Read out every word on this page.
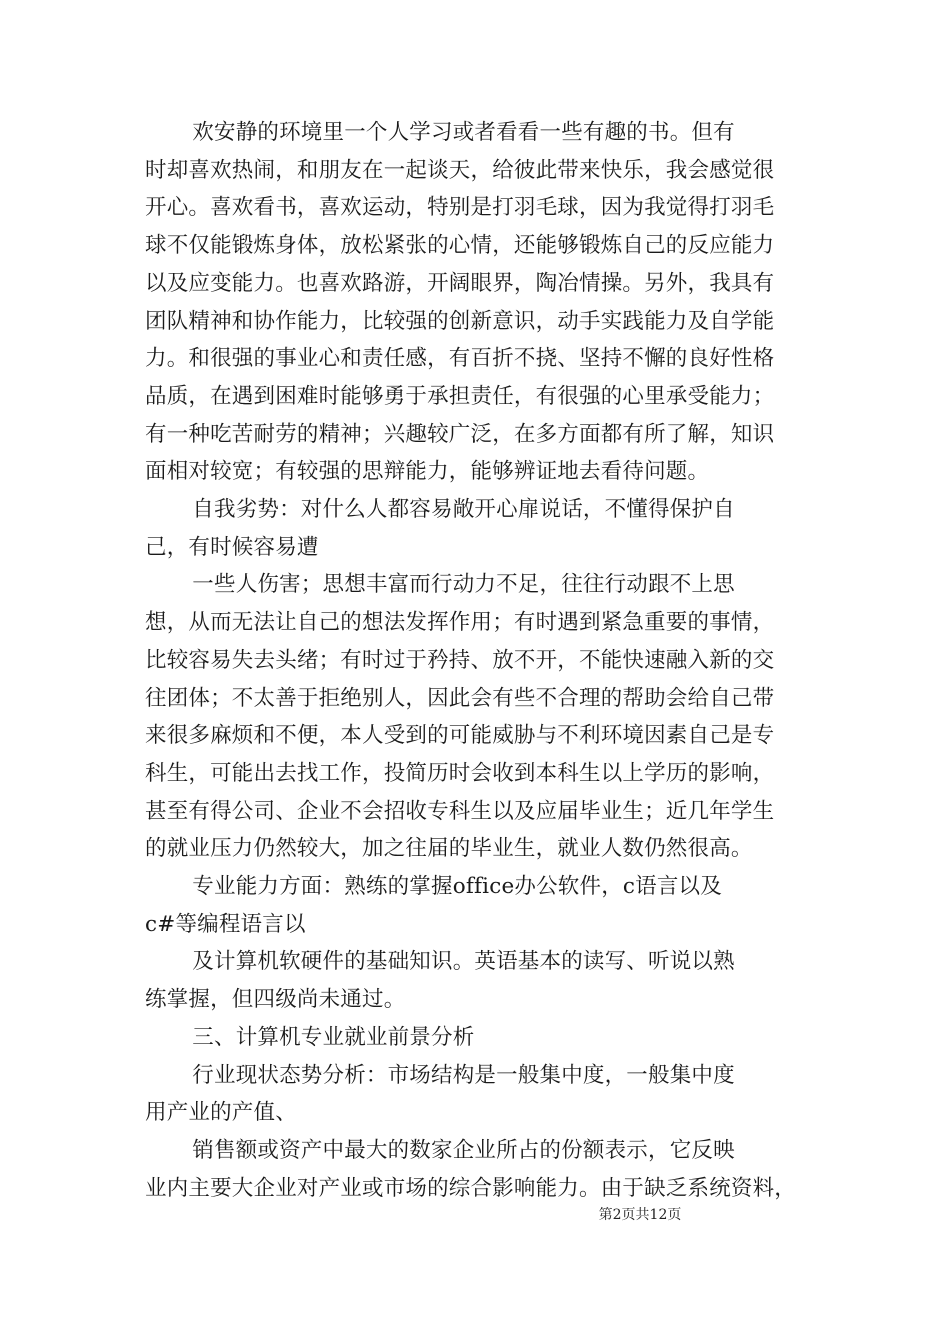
欢安静的环境里一个人学习或者看看一些有趣的书。但有
时却喜欢热闹，和朋友在一起谈天，给彼此带来快乐，我会感觉很
开心。喜欢看书，喜欢运动，特别是打羽毛球，因为我觉得打羽毛
球不仅能锻炼身体，放松紧张的心情，还能够锻炼自己的反应能力
以及应变能力。也喜欢路游，开阔眼界，陶冶情操。另外，我具有
团队精神和协作能力，比较强的创新意识，动手实践能力及自学能
力。和很强的事业心和责任感，有百折不挠、坚持不懈的良好性格
品质，在遇到困难时能够勇于承担责任，有很强的心里承受能力；
有一种吃苦耐劳的精神；兴趣较广泛，在多方面都有所了解，知识
面相对较宽；有较强的思辩能力，能够辨证地去看待问题。

自我劣势：对什么人都容易敞开心扉说话，不懂得保护自
己，有时候容易遭

一些人伤害；思想丰富而行动力不足，往往行动跟不上思
想，从而无法让自己的想法发挥作用；有时遇到紧急重要的事情，
比较容易失去头绪；有时过于矜持、放不开，不能快速融入新的交
往团体；不太善于拒绝别人，因此会有些不合理的帮助会给自己带
来很多麻烦和不便，本人受到的可能威胁与不利环境因素自己是专
科生，可能出去找工作，投简历时会收到本科生以上学历的影响，
甚至有得公司、企业不会招收专科生以及应届毕业生；近几年学生
的就业压力仍然较大，加之往届的毕业生，就业人数仍然很高。

专业能力方面：熟练的掌握office办公软件，c语言以及
c#等编程语言以

及计算机软硬件的基础知识。英语基本的读写、听说以熟
练掌握，但四级尚未通过。

三、计算机专业就业前景分析

行业现状态势分析：市场结构是一般集中度，一般集中度
用产业的产值、

销售额或资产中最大的数家企业所占的份额表示，它反映
业内主要大企业对产业或市场的综合影响能力。由于缺乏系统资料，

第2页共12页
